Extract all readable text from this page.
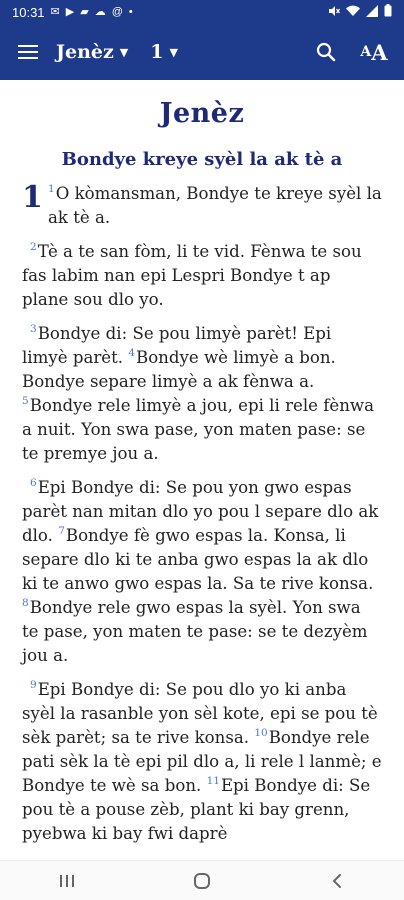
10:31 ✉ ▶ ▰ ☁ @ •
Jenèz ▼ 1 ▼	A A
Jenèz
Bondye kreye syèl la ak tè a
1 $^1$O kòmansman, Bondye te kreye syèl la ak tè a.
$^2$Tè a te san fòm, li te vid. Fènwa te sou fas labim nan epi Lespri Bondye t ap plane sou dlo yo.
$^3$Bondye di: Se pou limyè parèt! Epi limyè parèt. $^4$Bondye wè limyè a bon. Bondye separe limyè a ak fènwa a. $^5$Bondye rele limyè a jou, epi li rele fènwa a nuit. Yon swa pase, yon maten pase: se te premye jou a.
$^6$Epi Bondye di: Se pou yon gwo espas parèt nan mitan dlo yo pou l separe dlo ak dlo. $^7$Bondye fè gwo espas la. Konsa, li separe dlo ki te anba gwo espas la ak dlo ki te anwo gwo espas la. Sa te rive konsa. $^8$Bondye rele gwo espas la syèl. Yon swa te pase, yon maten te pase: se te dezyèm jou a.
$^9$Epi Bondye di: Se pou dlo yo ki anba syèl la rasanble yon sèl kote, epi se pou tè sèk parèt; sa te rive konsa. $^{10}$Bondye rele pati sèk la tè epi pil dlo a, li rele l lanmè; e Bondye te wè sa bon. $^{11}$Epi Bondye di: Se pou tè a pouse zèb, plant ki bay grenn, pyebwa ki bay fwi daprè
